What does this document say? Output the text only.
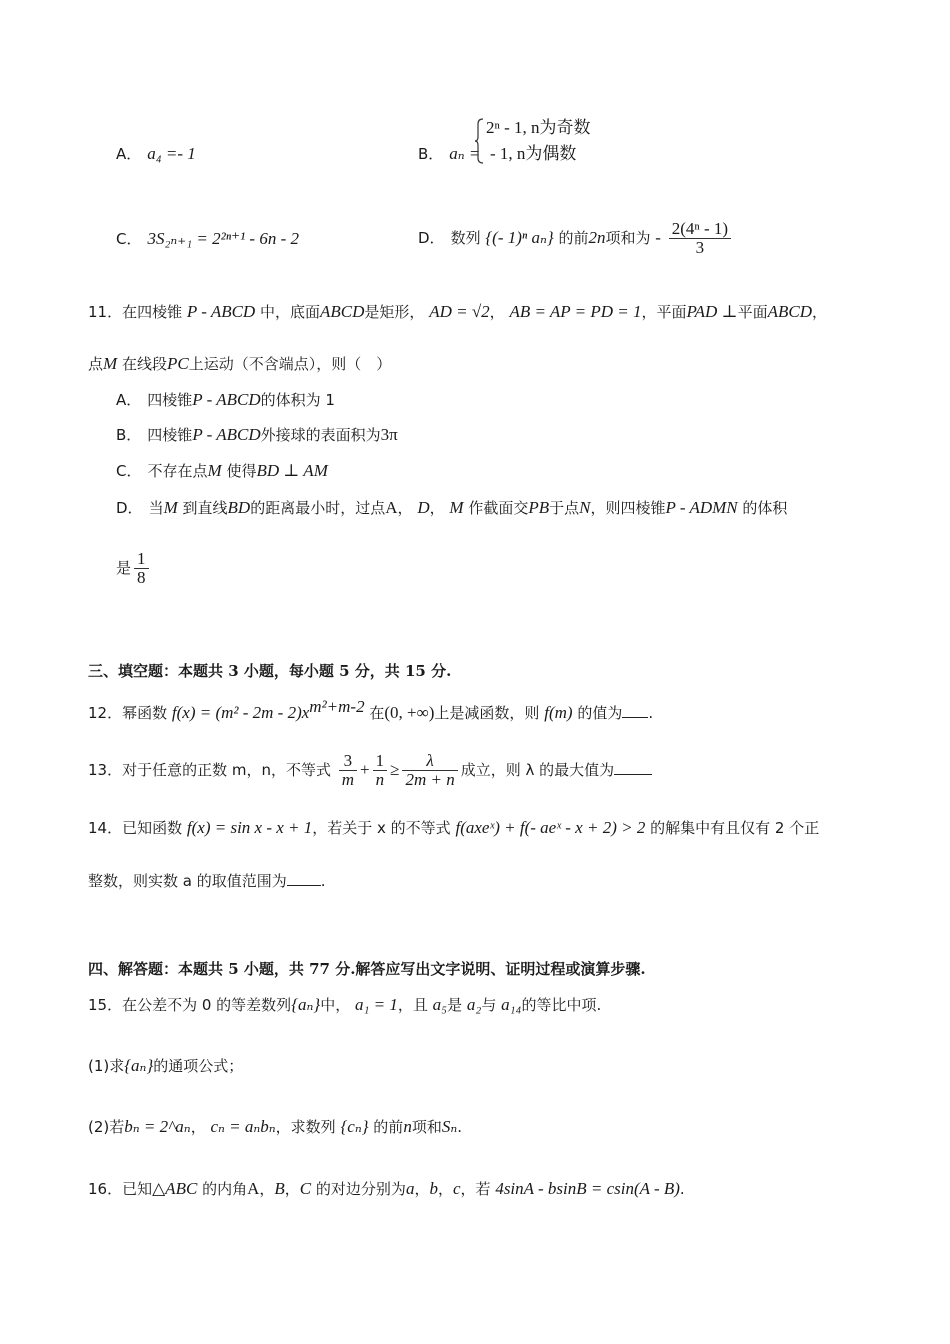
A． a₄ =- 1	B． aₙ =
2ⁿ - 1, n为奇数
- 1, n为偶数
C． 3S₂ₙ₊₁ = 2²ⁿ⁺¹ - 6n - 2	D． 数列 {(- 1)ⁿ aₙ} 的前2n项和为 - $\frac{\text{2(4ⁿ - 1)}}{3}$
11．在四棱锥 P - ABCD 中，底面ABCD是矩形， AD = √2， AB = AP = PD = 1，平面PAD ⊥平面ABCD，
点M 在线段PC上运动（不含端点），则（　）
A． 四棱锥P - ABCD的体积为 1
B． 四棱锥P - ABCD外接球的表面积为3π
C． 不存在点M 使得BD ⊥ AM
D． 当M 到直线BD的距离最小时，过点A， D， M 作截面交PB于点N，则四棱锥P - ADMN 的体积
是 $\frac{1}{8}$
三、填空题：本题共 3 小题，每小题 5 分，共 15 分.
12．幂函数 $f(x) = (m^2 - 2m - 2)x^{m^2+m-2}$ 在(0, +∞)上是减函数，则 f(m) 的值为 .
13．对于任意的正数 m，n，不等式 $\frac{3}{m} + \frac{1}{n} \ge \frac{\lambda}{2m + n}$ 成立，则 λ 的最大值为
14．已知函数 f(x) = sin x - x + 1，若关于 x 的不等式 f(axeˣ) + f(- aeˣ - x + 2) > 2 的解集中有且仅有 2 个正
整数，则实数 a 的取值范围为 .
四、解答题：本题共 5 小题，共 77 分.解答应写出文字说明、证明过程或演算步骤.
15．在公差不为 0 的等差数列{aₙ}中， a₁ = 1，且 a₅是 a₂与 a₁₄的等比中项.
(1)求{aₙ}的通项公式；
(2)若bₙ = 2^aₙ， cₙ = aₙbₙ，求数列 {cₙ} 的前n项和Sₙ.
16．已知△ABC 的内角A，B，C 的对边分别为a，b，c，若 4sinA - bsinB = csin(A - B).
